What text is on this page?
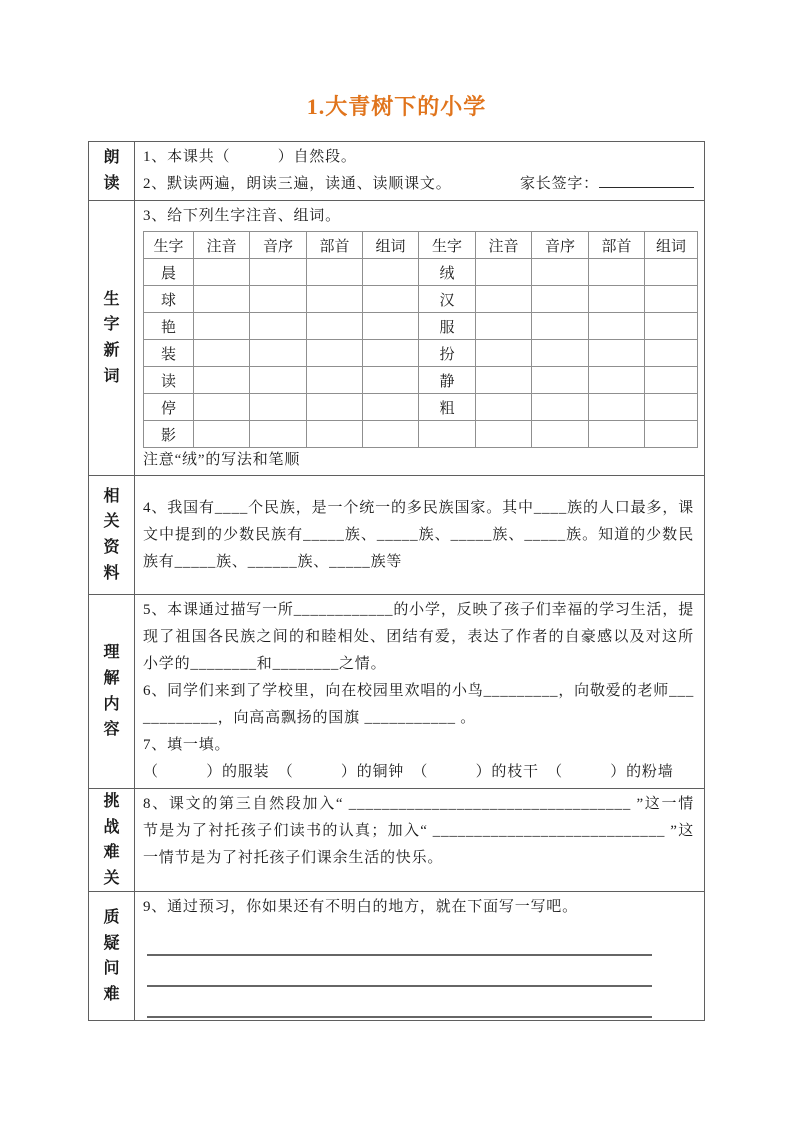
1.大青树下的小学
朗读

1、本课共（　　　）自然段。

2、默读两遍，朗读三遍，读通、读顺课文。	家长签字：

生字新词

3、给下列生字注音、组词。

生字	注音	音序	部首	组词	生字	注音	音序	部首	组词
晨					绒				
球					汉				
艳					服				
装					扮				
读					静				
停					粗				
影									

注意“绒”的写法和笔顺

相关资料

4、我国有____个民族，是一个统一的多民族国家。其中____族的人口最多，课文中提到的少数民族有_____族、_____族、_____族、_____族。知道的少数民族有_____族、______族、_____族等

理解内容

5、本课通过描写一所____________的小学，反映了孩子们幸福的学习生活，提现了祖国各民族之间的和睦相处、团结有爱，表达了作者的自豪感以及对这所小学的________和________之情。

6、同学们来到了学校里，向在校园里欢唱的小鸟_________，向敬爱的老师____________，向高高飘扬的国旗 ___________ 。

7、填一填。

（　　　）的服装　（　　　）的铜钟　（　　　）的枝干　（　　　）的粉墙

挑战难关

8、课文的第三自然段加入“ __________________________________ ”这一情节是为了衬托孩子们读书的认真；加入“ ____________________________ ”这一情节是为了衬托孩子们课余生活的快乐。

质疑问难

9、通过预习，你如果还有不明白的地方，就在下面写一写吧。
